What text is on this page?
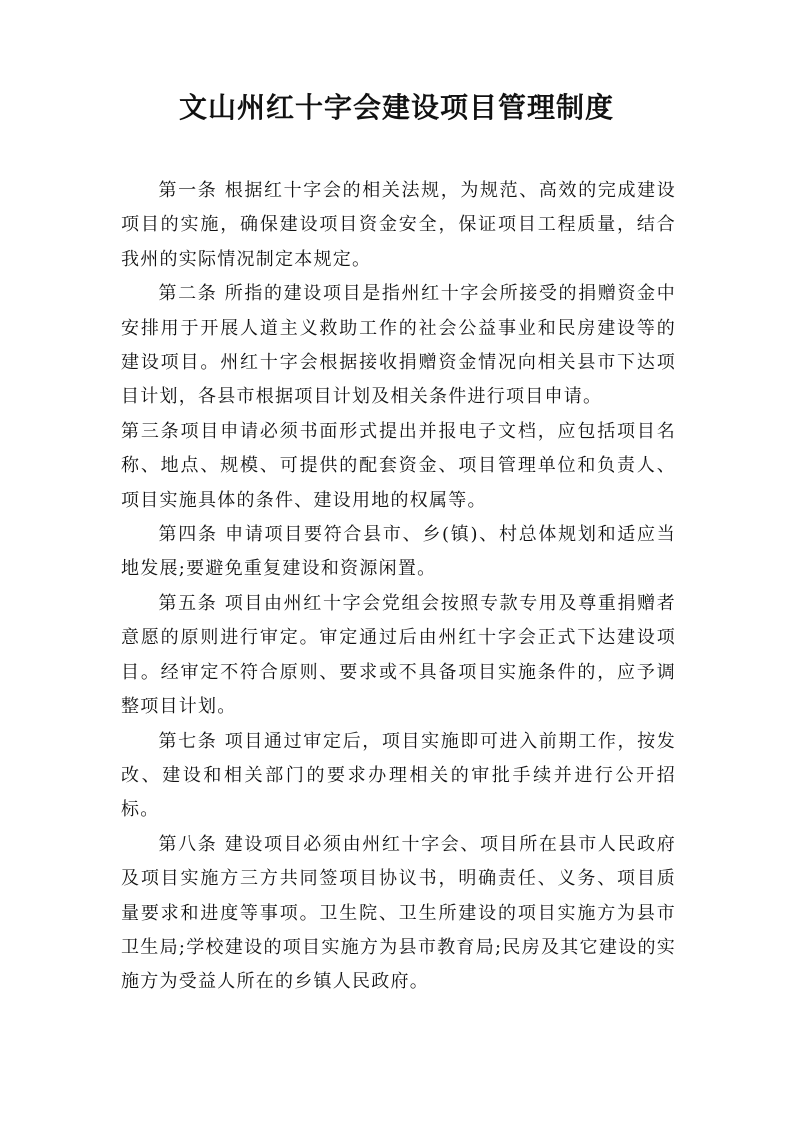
文山州红十字会建设项目管理制度

第一条 根据红十字会的相关法规，为规范、高效的完成建设项目的实施，确保建设项目资金安全，保证项目工程质量，结合我州的实际情况制定本规定。

第二条 所指的建设项目是指州红十字会所接受的捐赠资金中安排用于开展人道主义救助工作的社会公益事业和民房建设等的建设项目。州红十字会根据接收捐赠资金情况向相关县市下达项目计划，各县市根据项目计划及相关条件进行项目申请。

第三条项目申请必须书面形式提出并报电子文档，应包括项目名称、地点、规模、可提供的配套资金、项目管理单位和负责人、项目实施具体的条件、建设用地的权属等。

第四条 申请项目要符合县市、乡(镇)、村总体规划和适应当地发展;要避免重复建设和资源闲置。

第五条 项目由州红十字会党组会按照专款专用及尊重捐赠者意愿的原则进行审定。审定通过后由州红十字会正式下达建设项目。经审定不符合原则、要求或不具备项目实施条件的，应予调整项目计划。

第七条 项目通过审定后，项目实施即可进入前期工作，按发改、建设和相关部门的要求办理相关的审批手续并进行公开招标。

第八条 建设项目必须由州红十字会、项目所在县市人民政府及项目实施方三方共同签项目协议书，明确责任、义务、项目质量要求和进度等事项。卫生院、卫生所建设的项目实施方为县市卫生局;学校建设的项目实施方为县市教育局;民房及其它建设的实施方为受益人所在的乡镇人民政府。
